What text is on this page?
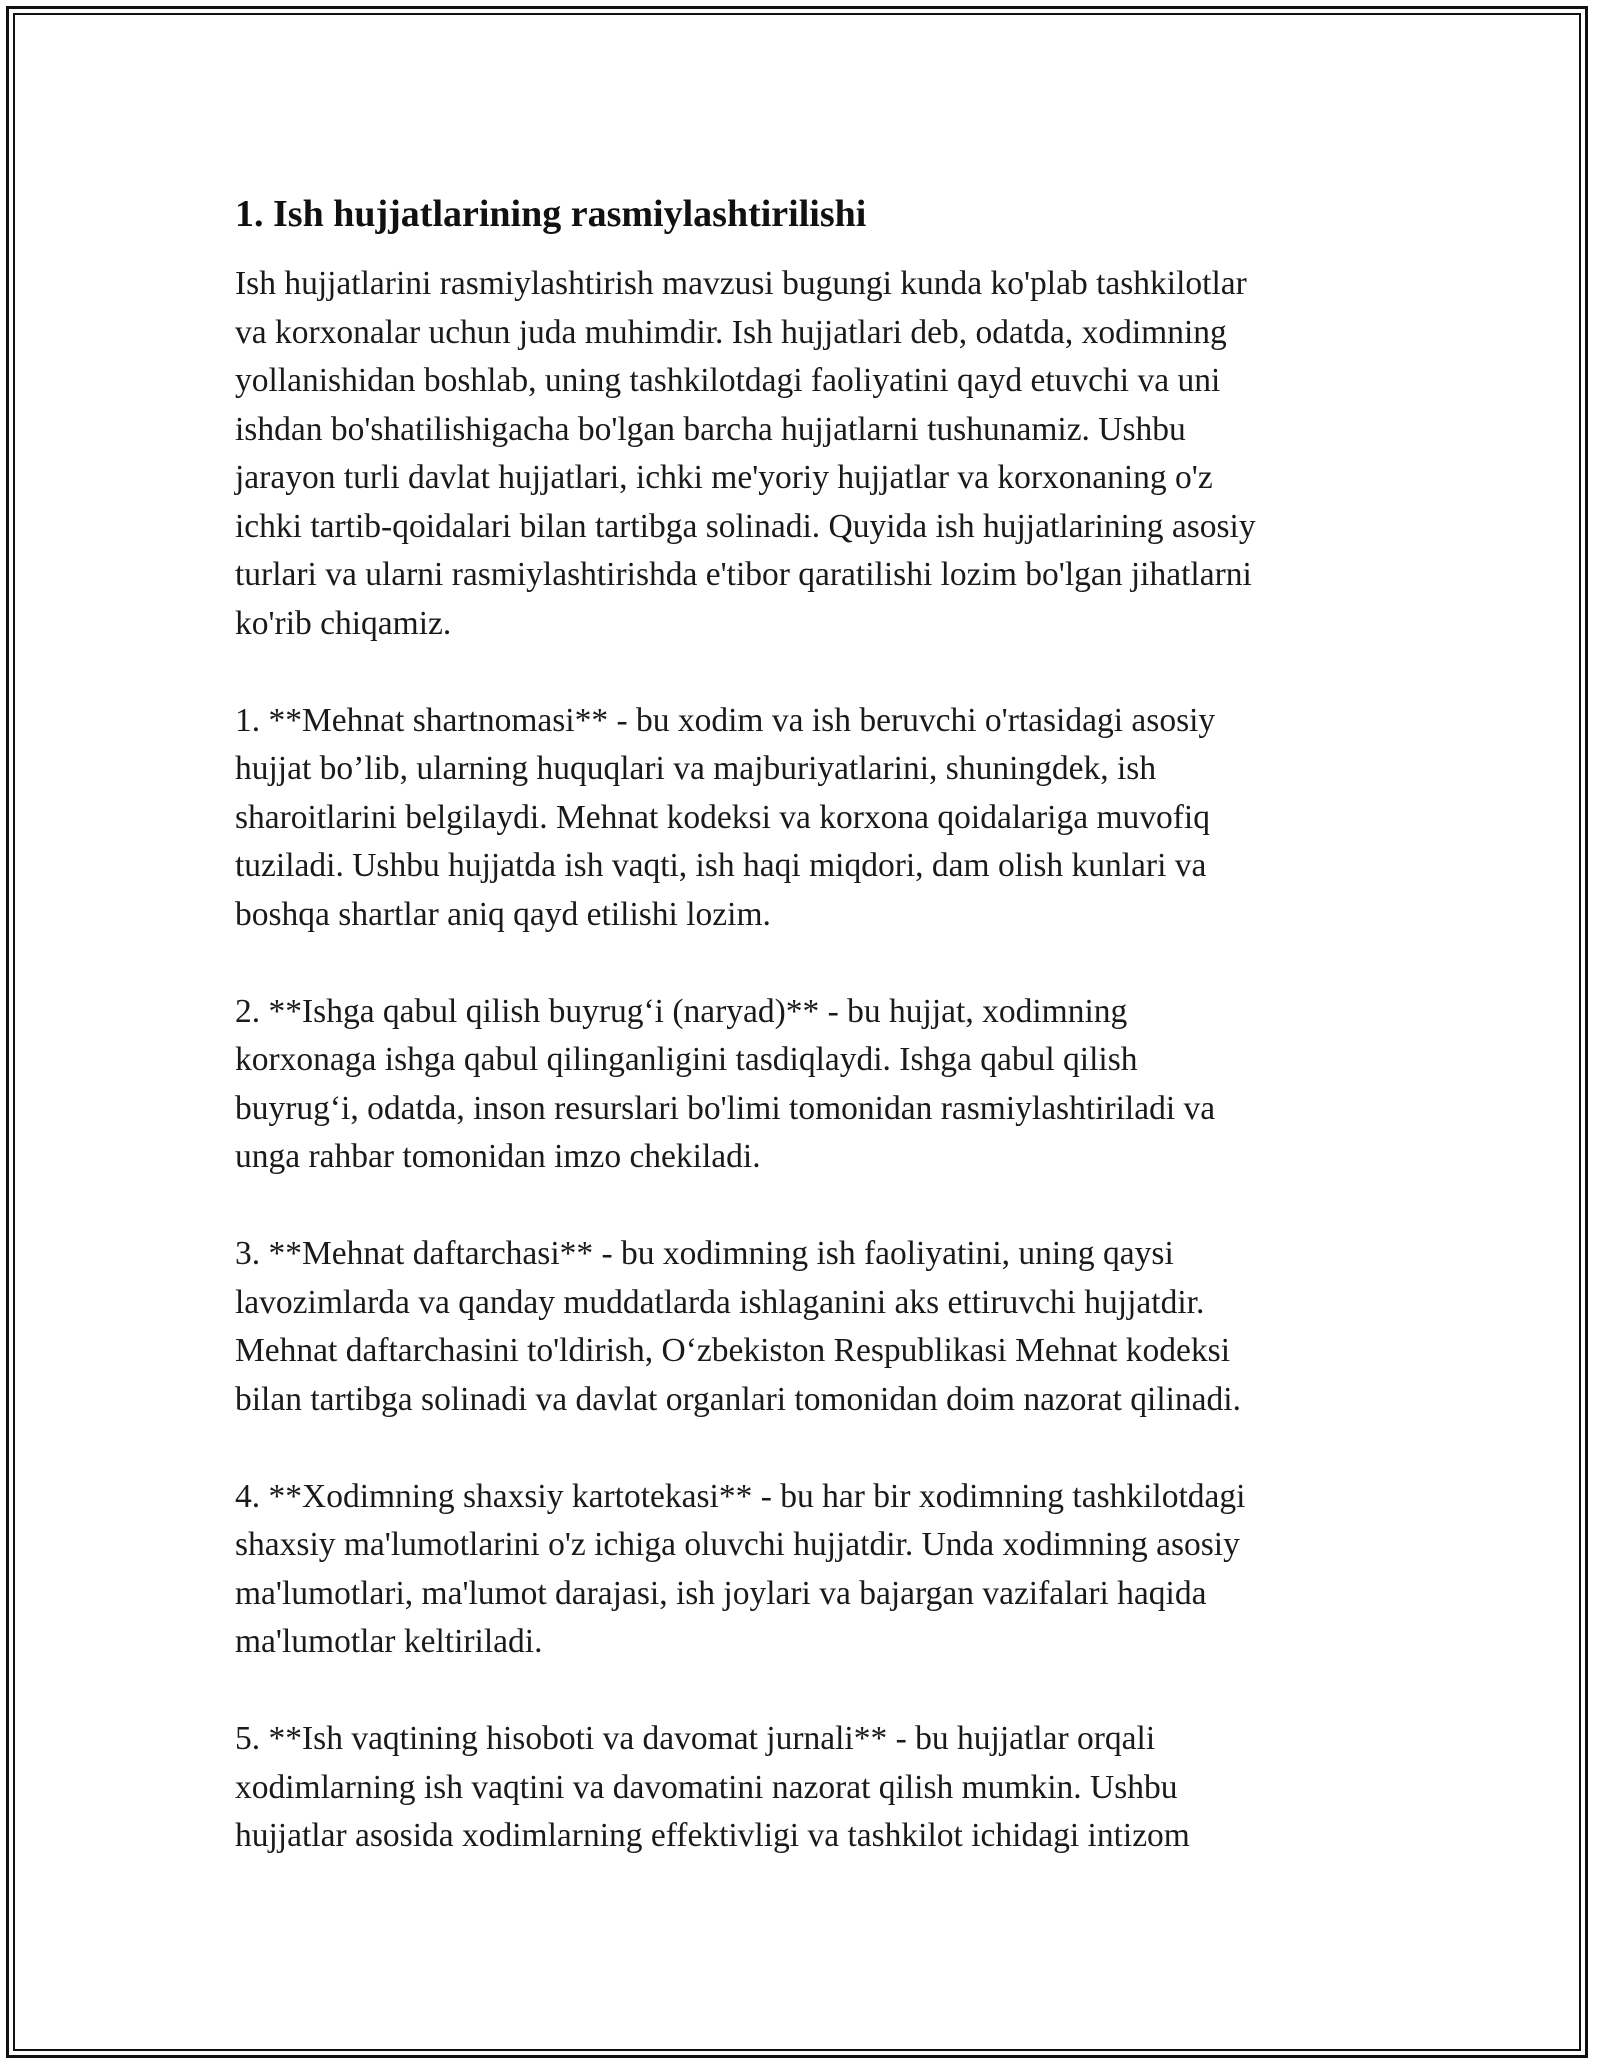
1. Ish hujjatlarining rasmiylashtirilishi

Ish hujjatlarini rasmiylashtirish mavzusi bugungi kunda ko'plab tashkilotlar
va korxonalar uchun juda muhimdir. Ish hujjatlari deb, odatda, xodimning
yollanishidan boshlab, uning tashkilotdagi faoliyatini qayd etuvchi va uni
ishdan bo'shatilishigacha bo'lgan barcha hujjatlarni tushunamiz. Ushbu
jarayon turli davlat hujjatlari, ichki me'yoriy hujjatlar va korxonaning o'z
ichki tartib-qoidalari bilan tartibga solinadi. Quyida ish hujjatlarining asosiy
turlari va ularni rasmiylashtirishda e'tibor qaratilishi lozim bo'lgan jihatlarni
ko'rib chiqamiz.

1. **Mehnat shartnomasi** - bu xodim va ish beruvchi o'rtasidagi asosiy
hujjat bo’lib, ularning huquqlari va majburiyatlarini, shuningdek, ish
sharoitlarini belgilaydi. Mehnat kodeksi va korxona qoidalariga muvofiq
tuziladi. Ushbu hujjatda ish vaqti, ish haqi miqdori, dam olish kunlari va
boshqa shartlar aniq qayd etilishi lozim.

2. **Ishga qabul qilish buyrug‘i (naryad)** - bu hujjat, xodimning
korxonaga ishga qabul qilinganligini tasdiqlaydi. Ishga qabul qilish
buyrug‘i, odatda, inson resurslari bo'limi tomonidan rasmiylashtiriladi va
unga rahbar tomonidan imzo chekiladi.

3. **Mehnat daftarchasi** - bu xodimning ish faoliyatini, uning qaysi
lavozimlarda va qanday muddatlarda ishlaganini aks ettiruvchi hujjatdir.
Mehnat daftarchasini to'ldirish, O‘zbekiston Respublikasi Mehnat kodeksi
bilan tartibga solinadi va davlat organlari tomonidan doim nazorat qilinadi.

4. **Xodimning shaxsiy kartotekasi** - bu har bir xodimning tashkilotdagi
shaxsiy ma'lumotlarini o'z ichiga oluvchi hujjatdir. Unda xodimning asosiy
ma'lumotlari, ma'lumot darajasi, ish joylari va bajargan vazifalari haqida
ma'lumotlar keltiriladi.

5. **Ish vaqtining hisoboti va davomat jurnali** - bu hujjatlar orqali
xodimlarning ish vaqtini va davomatini nazorat qilish mumkin. Ushbu
hujjatlar asosida xodimlarning effektivligi va tashkilot ichidagi intizom
